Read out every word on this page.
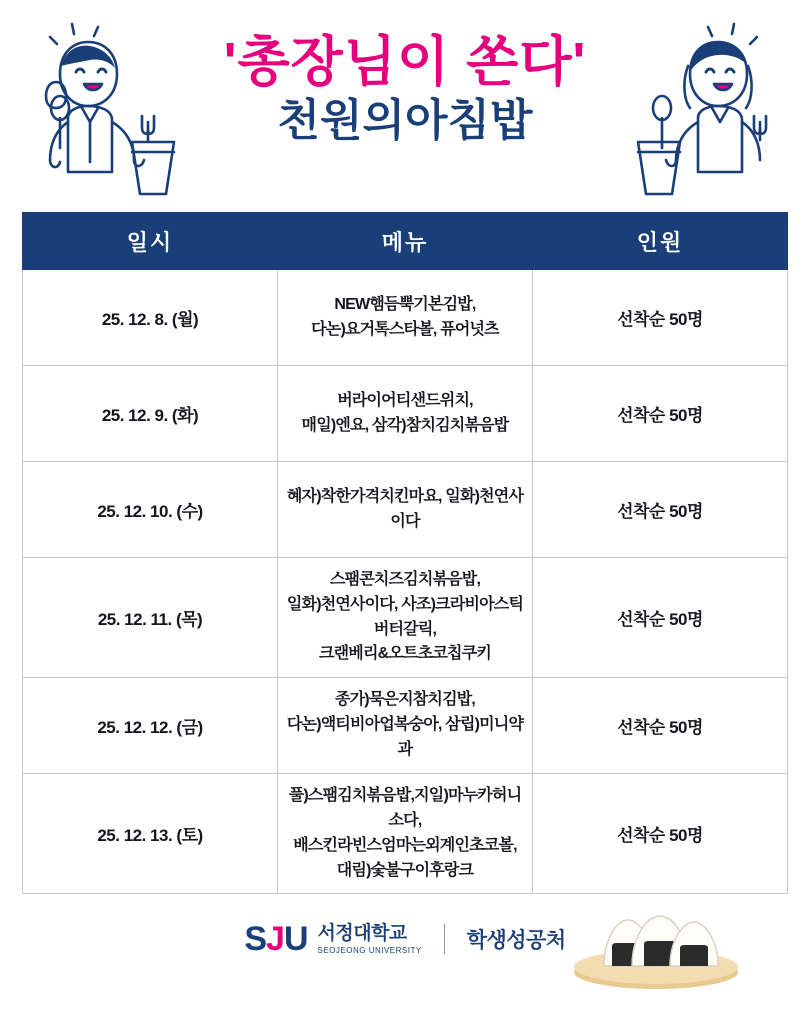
'총장님이 쏜다'
천원의아침밥
일시	메뉴	인원
25. 12. 8. (월)	NEW햄듬뿍기본김밥,
다논)요거톡스타볼, 퓨어넛츠	선착순 50명
25. 12. 9. (화)	버라이어티샌드위치,
매일)엔요, 삼각)참치김치볶음밥	선착순 50명
25. 12. 10. (수)	혜자)착한가격치킨마요, 일화)천연사이다	선착순 50명
25. 12. 11. (목)	스팸콘치즈김치볶음밥,
일화)천연사이다, 사조)크라비아스틱버터갈릭,
크랜베리&오트초코칩쿠키	선착순 50명
25. 12. 12. (금)	종가)묵은지참치김밥,
다논)액티비아업복숭아, 삼립)미니약과	선착순 50명
25. 12. 13. (토)	풀)스팸김치볶음밥,지일)마누카허니소다,
배스킨라빈스엄마는외계인초코볼,
대림)숯불구이후랑크	선착순 50명
SJU 서정대학교
SEOJEONG UNIVERSITY 학생성공처
